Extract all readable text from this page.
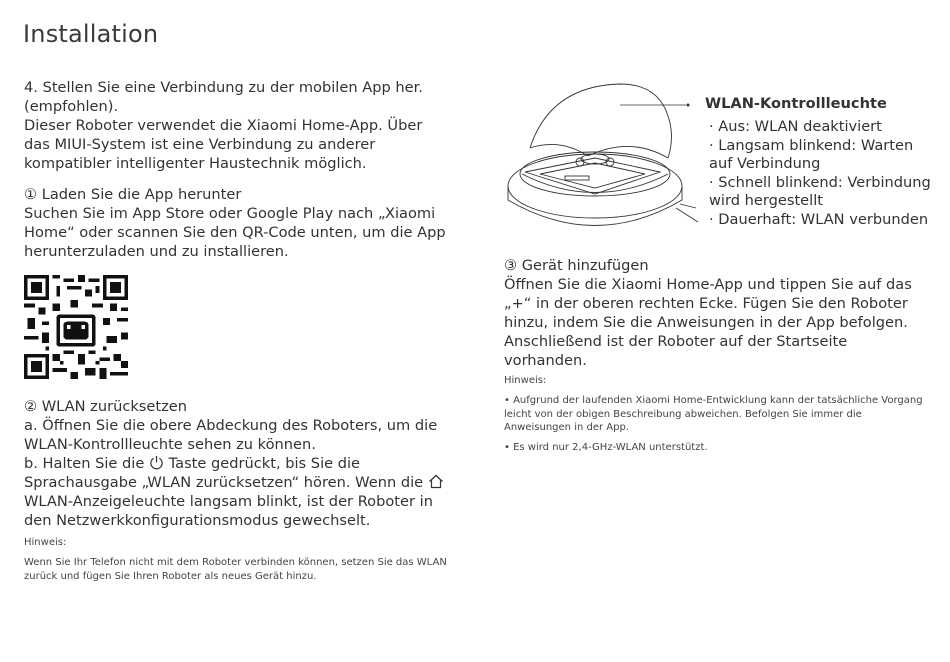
Installation

4. Stellen Sie eine Verbindung zu der mobilen App her. (empfohlen).

Dieser Roboter verwendet die Xiaomi Home-App. Über das MIUI-System ist eine Verbindung zu anderer kompatibler intelligenter Haustechnik möglich.

① Laden Sie die App herunter

Suchen Sie im App Store oder Google Play nach „Xiaomi Home“ oder scannen Sie den QR-Code unten, um die App herunterzuladen und zu installieren.

② WLAN zurücksetzen

a. Öffnen Sie die obere Abdeckung des Roboters, um die WLAN-Kontrollleuchte sehen zu können.

b. Halten Sie die Taste gedrückt, bis Sie die Sprachausgabe „WLAN zurücksetzen“ hören. Wenn die  WLAN-Anzeigeleuchte langsam blinkt, ist der Roboter in den Netzwerkkonfigurationsmodus gewechselt.

Hinweis:

Wenn Sie Ihr Telefon nicht mit dem Roboter verbinden können, setzen Sie das WLAN zurück und fügen Sie Ihren Roboter als neues Gerät hinzu.

WLAN-Kontrollleuchte

· Aus: WLAN deaktiviert

· Langsam blinkend: Warten auf Verbindung

· Schnell blinkend: Verbindung wird hergestellt

· Dauerhaft: WLAN verbunden

③ Gerät hinzufügen

Öffnen Sie die Xiaomi Home-App und tippen Sie auf das „+“ in der oberen rechten Ecke. Fügen Sie den Roboter hinzu, indem Sie die Anweisungen in der App befolgen. Anschließend ist der Roboter auf der Startseite vorhanden.

Hinweis:

• Aufgrund der laufenden Xiaomi Home-Entwicklung kann der tatsächliche Vorgang leicht von der obigen Beschreibung abweichen. Befolgen Sie immer die Anweisungen in der App.

• Es wird nur 2,4-GHz-WLAN unterstützt.
